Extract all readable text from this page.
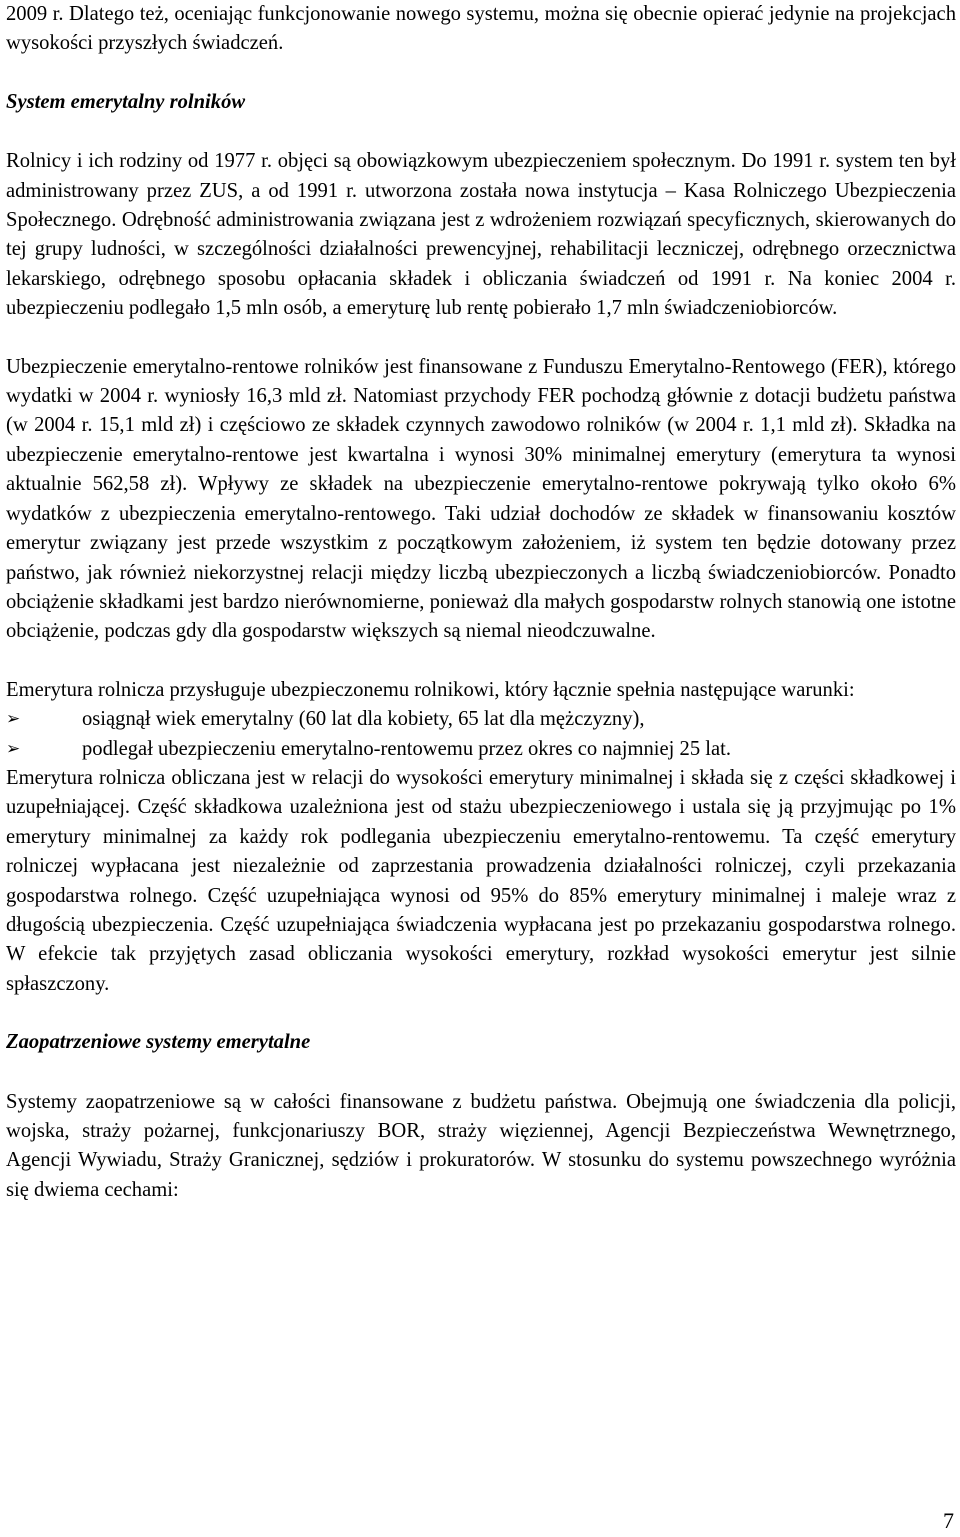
2009 r. Dlatego też, oceniając funkcjonowanie nowego systemu, można się obecnie opierać jedynie na projekcjach wysokości przyszłych świadczeń.

System emerytalny rolników

Rolnicy i ich rodziny od 1977 r. objęci są obowiązkowym ubezpieczeniem społecznym. Do 1991 r. system ten był administrowany przez ZUS, a od 1991 r. utworzona została nowa instytucja – Kasa Rolniczego Ubezpieczenia Społecznego. Odrębność administrowania związana jest z wdrożeniem rozwiązań specyficznych, skierowanych do tej grupy ludności, w szczególności działalności prewencyjnej, rehabilitacji leczniczej, odrębnego orzecznictwa lekarskiego, odrębnego sposobu opłacania składek i obliczania świadczeń od 1991 r. Na koniec 2004 r. ubezpieczeniu podlegało 1,5 mln osób, a emeryturę lub rentę pobierało 1,7 mln świadczeniobiorców.

Ubezpieczenie emerytalno-rentowe rolników jest finansowane z Funduszu Emerytalno-Rentowego (FER), którego wydatki w 2004 r. wyniosły 16,3 mld zł. Natomiast przychody FER pochodzą głównie z dotacji budżetu państwa (w 2004 r. 15,1 mld zł) i częściowo ze składek czynnych zawodowo rolników (w 2004 r. 1,1 mld zł). Składka na ubezpieczenie emerytalno-rentowe jest kwartalna i wynosi 30% minimalnej emerytury (emerytura ta wynosi aktualnie 562,58 zł). Wpływy ze składek na ubezpieczenie emerytalno-rentowe pokrywają tylko około 6% wydatków z ubezpieczenia emerytalno-rentowego. Taki udział dochodów ze składek w finansowaniu kosztów emerytur związany jest przede wszystkim z początkowym założeniem, iż system ten będzie dotowany przez państwo, jak również niekorzystnej relacji między liczbą ubezpieczonych a liczbą świadczeniobiorców. Ponadto obciążenie składkami jest bardzo nierównomierne, ponieważ dla małych gospodarstw rolnych stanowią one istotne obciążenie, podczas gdy dla gospodarstw większych są niemal nieodczuwalne.

Emerytura rolnicza przysługuje ubezpieczonemu rolnikowi, który łącznie spełnia następujące warunki:

➢	osiągnął wiek emerytalny (60 lat dla kobiety, 65 lat dla mężczyzny),
➢	podlegał ubezpieczeniu emerytalno-rentowemu przez okres co najmniej 25 lat.

Emerytura rolnicza obliczana jest w relacji do wysokości emerytury minimalnej i składa się z części składkowej i uzupełniającej. Część składkowa uzależniona jest od stażu ubezpieczeniowego i ustala się ją przyjmując po 1% emerytury minimalnej za każdy rok podlegania ubezpieczeniu emerytalno-rentowemu. Ta część emerytury rolniczej wypłacana jest niezależnie od zaprzestania prowadzenia działalności rolniczej, czyli przekazania gospodarstwa rolnego. Część uzupełniająca wynosi od 95% do 85% emerytury minimalnej i maleje wraz z długością ubezpieczenia. Część uzupełniająca świadczenia wypłacana jest po przekazaniu gospodarstwa rolnego. W efekcie tak przyjętych zasad obliczania wysokości emerytury, rozkład wysokości emerytur jest silnie spłaszczony.

Zaopatrzeniowe systemy emerytalne

Systemy zaopatrzeniowe są w całości finansowane z budżetu państwa. Obejmują one świadczenia dla policji, wojska, straży pożarnej, funkcjonariuszy BOR, straży więziennej, Agencji Bezpieczeństwa Wewnętrznego, Agencji Wywiadu, Straży Granicznej, sędziów i prokuratorów. W stosunku do systemu powszechnego wyróżnia się dwiema cechami:

7
